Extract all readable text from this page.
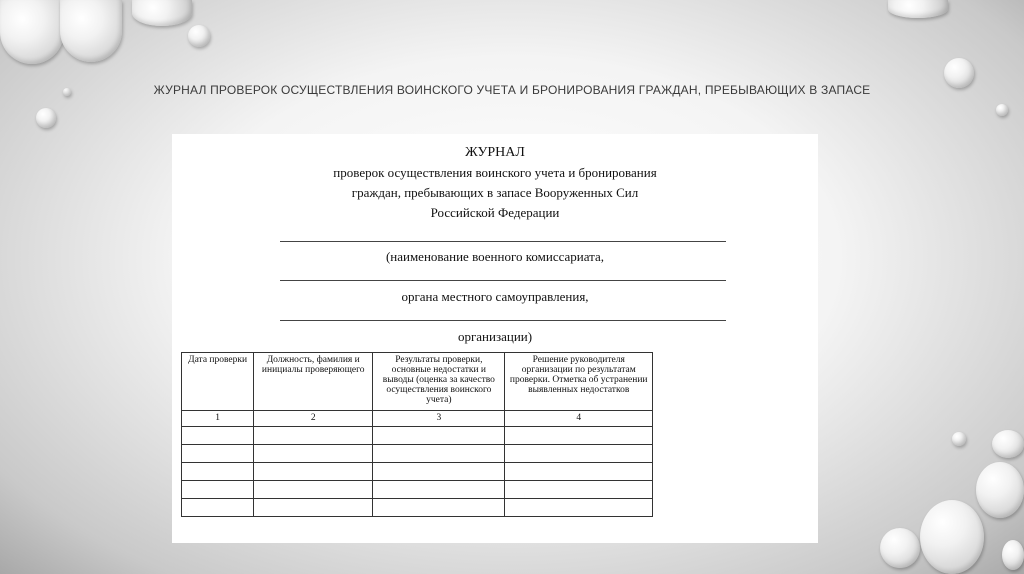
ЖУРНАЛ ПРОВЕРОК ОСУЩЕСТВЛЕНИЯ ВОИНСКОГО УЧЕТА И БРОНИРОВАНИЯ ГРАЖДАН, ПРЕБЫВАЮЩИХ В ЗАПАСЕ
ЖУРНАЛ
проверок осуществления воинского учета и бронирования
граждан, пребывающих в запасе Вооруженных Сил
Российской Федерации
(наименование военного комиссариата,
органа местного самоуправления,
организации)
Дата проверки	Должность, фамилия и инициалы проверяющего	Результаты проверки, основные недостатки и выводы (оценка за качество осуществления воинского учета)	Решение руководителя организации по результатам проверки. Отметка об устранении выявленных недостатков
1	2	3	4
